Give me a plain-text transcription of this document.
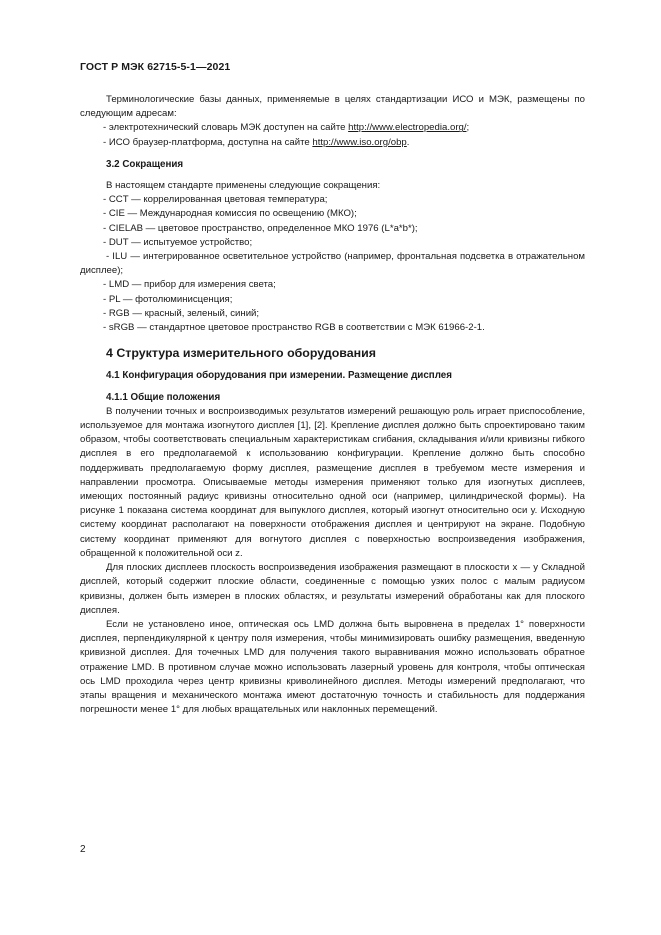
ГОСТ Р МЭК 62715-5-1—2021

Терминологические базы данных, применяемые в целях стандартизации ИСО и МЭК, размещены по следующим адресам:

- электротехнический словарь МЭК доступен на сайте http://www.electropedia.org/;

- ИСО браузер-платформа, доступна на сайте http://www.iso.org/obp.

3.2 Сокращения

В настоящем стандарте применены следующие сокращения:

- CCT — коррелированная цветовая температура;

- CIE — Международная комиссия по освещению (МКО);

- CIELAB — цветовое пространство, определенное МКО 1976 (L*a*b*);

- DUT — испытуемое устройство;

- ILU — интегрированное осветительное устройство (например, фронтальная подсветка в отражательном дисплее);

- LMD — прибор для измерения света;

- PL — фотолюминисценция;

- RGB — красный, зеленый, синий;

- sRGB — стандартное цветовое пространство RGB в соответствии с МЭК 61966-2-1.

4 Структура измерительного оборудования
4.1 Конфигурация оборудования при измерении. Размещение дисплея
4.1.1 Общие положения

В получении точных и воспроизводимых результатов измерений решающую роль играет приспособление, используемое для монтажа изогнутого дисплея [1], [2]. Крепление дисплея должно быть спроектировано таким образом, чтобы соответствовать специальным характеристикам сгибания, складывания и/или кривизны гибкого дисплея в его предполагаемой к использованию конфигурации. Крепление должно быть способно поддерживать предполагаемую форму дисплея, размещение дисплея в требуемом месте измерения и направлении просмотра. Описываемые методы измерения применяют только для изогнутых дисплеев, имеющих постоянный радиус кривизны относительно одной оси (например, цилиндрической формы). На рисунке 1 показана система координат для выпуклого дисплея, который изогнут относительно оси y. Исходную систему координат располагают на поверхности отображения дисплея и центрируют на экране. Подобную систему координат применяют для вогнутого дисплея с поверхностью воспроизведения изображения, обращенной к положительной оси z.

Для плоских дисплеев плоскость воспроизведения изображения размещают в плоскости x — y Складной дисплей, который содержит плоские области, соединенные с помощью узких полос с малым радиусом кривизны, должен быть измерен в плоских областях, и результаты измерений обработаны как для плоского дисплея.

Если не установлено иное, оптическая ось LMD должна быть выровнена в пределах 1° поверхности дисплея, перпендикулярной к центру поля измерения, чтобы минимизировать ошибку размещения, введенную кривизной дисплея. Для точечных LMD для получения такого выравнивания можно использовать обратное отражение LMD. В противном случае можно использовать лазерный уровень для контроля, чтобы оптическая ось LMD проходила через центр кривизны криволинейного дисплея. Методы измерений предполагают, что этапы вращения и механического монтажа имеют достаточную точность и стабильность для поддержания погрешности менее 1° для любых вращательных или наклонных перемещений.

2
